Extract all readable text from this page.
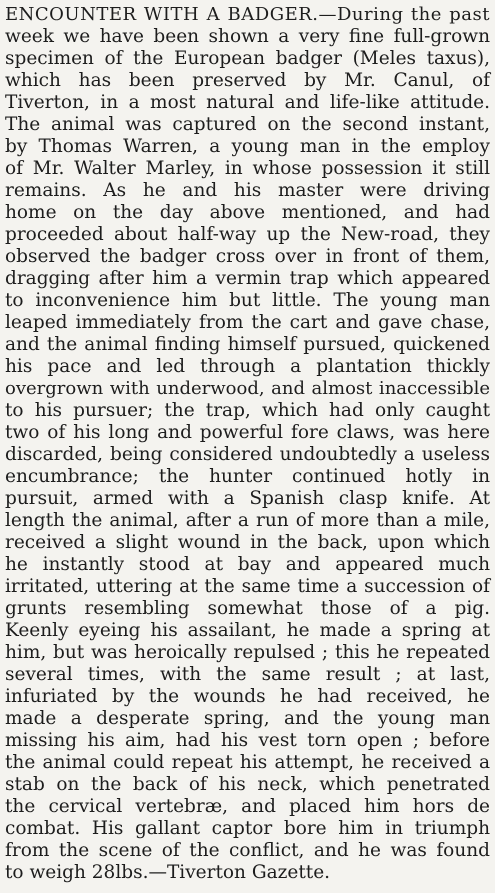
ENCOUNTER WITH A BADGER.—During the past
week we have been shown a very fine full-grown
specimen of the European badger (Meles taxus),
which has been preserved by Mr. Canul, of
Tiverton, in a most natural and life-like attitude.
The animal was captured on the second instant,
by Thomas Warren, a young man in the employ
of Mr. Walter Marley, in whose possession it still
remains. As he and his master were driving
home on the day above mentioned, and had
proceeded about half-way up the New-road, they
observed the badger cross over in front of them,
dragging after him a vermin trap which appeared
to inconvenience him but little. The young man
leaped immediately from the cart and gave chase,
and the animal finding himself pursued, quickened
his pace and led through a plantation thickly
overgrown with underwood, and almost inaccessible
to his pursuer; the trap, which had only caught
two of his long and powerful fore claws, was here
discarded, being considered undoubtedly a useless
encumbrance; the hunter continued hotly in
pursuit, armed with a Spanish clasp knife. At
length the animal, after a run of more than a mile,
received a slight wound in the back, upon which
he instantly stood at bay and appeared much
irritated, uttering at the same time a succession of
grunts resembling somewhat those of a pig.
Keenly eyeing his assailant, he made a spring at
him, but was heroically repulsed ; this he repeated
several times, with the same result ; at last,
infuriated by the wounds he had received, he
made a desperate spring, and the young man
missing his aim, had his vest torn open ; before
the animal could repeat his attempt, he received a
stab on the back of his neck, which penetrated
the cervical vertebræ, and placed him hors de
combat. His gallant captor bore him in triumph
from the scene of the conflict, and he was found
to weigh 28lbs.—Tiverton Gazette.
